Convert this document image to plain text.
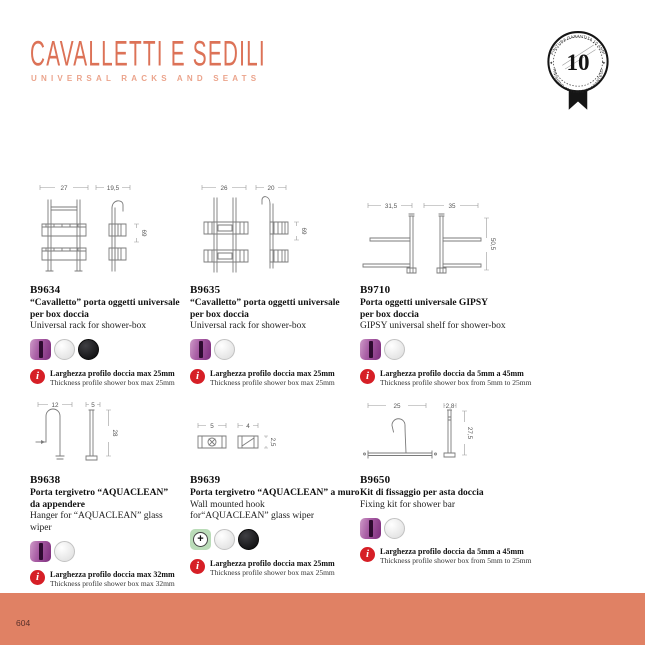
CAVALLETTI E SEDILI
UNIVERSAL RACKS AND SEATS
10
FINITURA GARANTITA 10 ANNI
FINISHING 10 YEARS GUARANTEED
✦	✦
27	19,5
69
B9634
“Cavalletto” porta oggetti universale per box doccia
Universal rack for shower-box
i	Larghezza profilo doccia max 25mm
Thickness profile shower box max 25mm
26	20
69
B9635
“Cavalletto” porta oggetti universale per box doccia
Universal rack for shower-box
i	Larghezza profilo doccia max 25mm
Thickness profile shower box max 25mm
31,5	35
50,5
B9710
Porta oggetti universale GIPSY per box doccia
GIPSY universal shelf for shower-box
i	Larghezza profilo doccia da 5mm a 45mm
Thickness profile shower box from 5mm to 25mm
12	5
28
B9638
Porta tergivetro “AQUACLEAN” da appendere
Hanger for “AQUACLEAN” glass wiper
i	Larghezza profilo doccia max 32mm
Thickness profile shower box max 32mm
5	4
2,5
B9639
Porta tergivetro “AQUACLEAN” a muro
Wall mounted hook for“AQUACLEAN” glass wiper
+
i	Larghezza profilo doccia max 25mm
Thickness profile shower box max 25mm
25	2,8
27,5
B9650
Kit di fissaggio per asta doccia
Fixing kit for shower bar
i	Larghezza profilo doccia da 5mm a 45mm
Thickness profile shower box from 5mm to 25mm
604
